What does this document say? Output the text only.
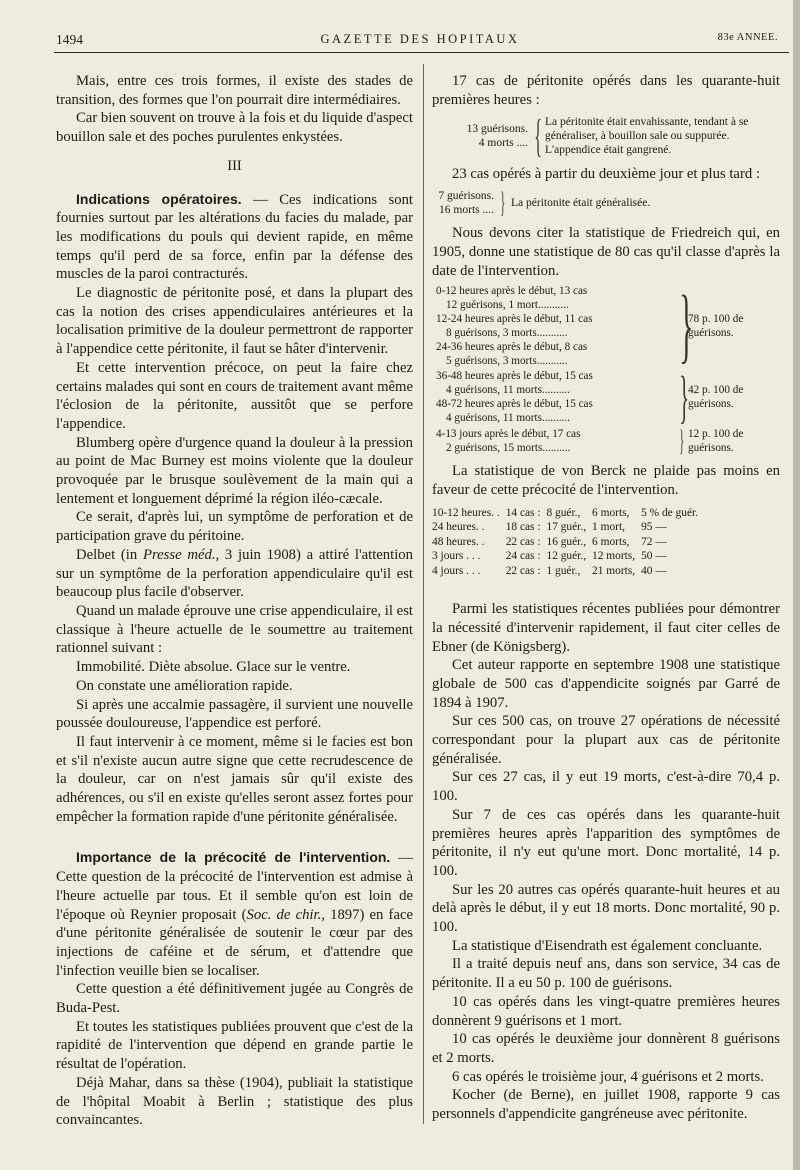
1494	GAZETTE DES HOPITAUX	83e ANNEE.

Mais, entre ces trois formes, il existe des stades de transition, des formes que l'on pourrait dire intermédiaires.

Car bien souvent on trouve à la fois et du liquide d'aspect bouillon sale et des poches purulentes enkystées.

III

Indications opératoires. — Ces indications sont fournies surtout par les altérations du facies du malade, par les modifications du pouls qui devient rapide, en même temps qu'il perd de sa force, enfin par la défense des muscles de la paroi contracturés.

Le diagnostic de péritonite posé, et dans la plupart des cas la notion des crises appendiculaires antérieures et la localisation primitive de la douleur permettront de rapporter à l'appendice cette péritonite, il faut se hâter d'intervenir.

Et cette intervention précoce, on peut la faire chez certains malades qui sont en cours de traitement avant même l'éclosion de la péritonite, aussitôt que se perfore l'appendice.

Blumberg opère d'urgence quand la douleur à la pression au point de Mac Burney est moins violente que la douleur provoquée par le brusque soulèvement de la main qui a lentement et longuement déprimé la région iléo-cæcale.

Ce serait, d'après lui, un symptôme de perforation et de participation grave du péritoine.

Delbet (in Presse méd., 3 juin 1908) a attiré l'attention sur un symptôme de la perforation appendiculaire qu'il est beaucoup plus facile d'observer.

Quand un malade éprouve une crise appendiculaire, il est classique à l'heure actuelle de le soumettre au traitement rationnel suivant :

Immobilité. Diète absolue. Glace sur le ventre.

On constate une amélioration rapide.

Si après une accalmie passagère, il survient une nouvelle poussée douloureuse, l'appendice est perforé.

Il faut intervenir à ce moment, même si le facies est bon et s'il n'existe aucun autre signe que cette recrudescence de la douleur, car on n'est jamais sûr qu'il existe des adhérences, ou s'il en existe qu'elles seront assez fortes pour empêcher la formation rapide d'une péritonite généralisée.

Importance de la précocité de l'intervention. — Cette question de la précocité de l'intervention est admise à l'heure actuelle par tous. Et il semble qu'on est loin de l'époque où Reynier proposait (Soc. de chir., 1897) en face d'une péritonite généralisée de soutenir le cœur par des injections de caféine et de sérum, et d'attendre que l'infection veuille bien se localiser.

Cette question a été définitivement jugée au Congrès de Buda-Pest.

Et toutes les statistiques publiées prouvent que c'est de la rapidité de l'intervention que dépend en grande partie le résultat de l'opération.

Déjà Mahar, dans sa thèse (1904), publiait la statistique de l'hôpital Moabit à Berlin ; statistique des plus convaincantes.

17 cas de péritonite opérés dans les quarante-huit premières heures :

13 guérisons.
4 morts .... { La péritonite était envahissante, tendant à se généraliser, à bouillon sale ou suppurée. L'appendice était gangrené.

23 cas opérés à partir du deuxième jour et plus tard :

7 guérisons.
16 morts .... } La péritonite était généralisée.

Nous devons citer la statistique de Friedreich qui, en 1905, donne une statistique de 80 cas qu'il classe d'après la date de l'intervention.

0-12 heures après le début, 13 cas
12 guérisons, 1 mort...........
12-24 heures après le début, 11 cas
8 guérisons, 3 morts...........
24-36 heures après le début, 8 cas
5 guérisons, 3 morts...........	}
78 p. 100 de guérisons.
36-48 heures après le début, 15 cas
4 guérisons, 11 morts..........
48-72 heures après le début, 15 cas
4 guérisons, 11 morts..........	} 42 p. 100 de guérisons.
4-13 jours après le début, 17 cas
2 guérisons, 15 morts..........	} 12 p. 100 de guérisons.

La statistique de von Berck ne plaide pas moins en faveur de cette précocité de l'intervention.

10-12 heures. .	14 cas :	8 guér.,	6 morts,	5 % de guér.
24 heures. .	18 cas :	17 guér.,	1 mort,	95 —
48 heures. .	22 cas :	16 guér.,	6 morts,	72 —
3 jours . . .	24 cas :	12 guér.,	12 morts,	50 —
4 jours . . .	22 cas :	1 guér.,	21 morts,	40 —

Parmi les statistiques récentes publiées pour démontrer la nécessité d'intervenir rapidement, il faut citer celles de Ebner (de Königsberg).

Cet auteur rapporte en septembre 1908 une statistique globale de 500 cas d'appendicite soignés par Garré de 1894 à 1907.

Sur ces 500 cas, on trouve 27 opérations de nécessité correspondant pour la plupart aux cas de péritonite généralisée.

Sur ces 27 cas, il y eut 19 morts, c'est-à-dire 70,4 p. 100.

Sur 7 de ces cas opérés dans les quarante-huit premières heures après l'apparition des symptômes de péritonite, il n'y eut qu'une mort. Donc mortalité, 14 p. 100.

Sur les 20 autres cas opérés quarante-huit heures et au delà après le début, il y eut 18 morts. Donc mortalité, 90 p. 100.

La statistique d'Eisendrath est également concluante.

Il a traité depuis neuf ans, dans son service, 34 cas de péritonite. Il a eu 50 p. 100 de guérisons.

10 cas opérés dans les vingt-quatre premières heures donnèrent 9 guérisons et 1 mort.

10 cas opérés le deuxième jour donnèrent 8 guérisons et 2 morts.

6 cas opérés le troisième jour, 4 guérisons et 2 morts.

Kocher (de Berne), en juillet 1908, rapporte 9 cas personnels d'appendicite gangréneuse avec péritonite.
